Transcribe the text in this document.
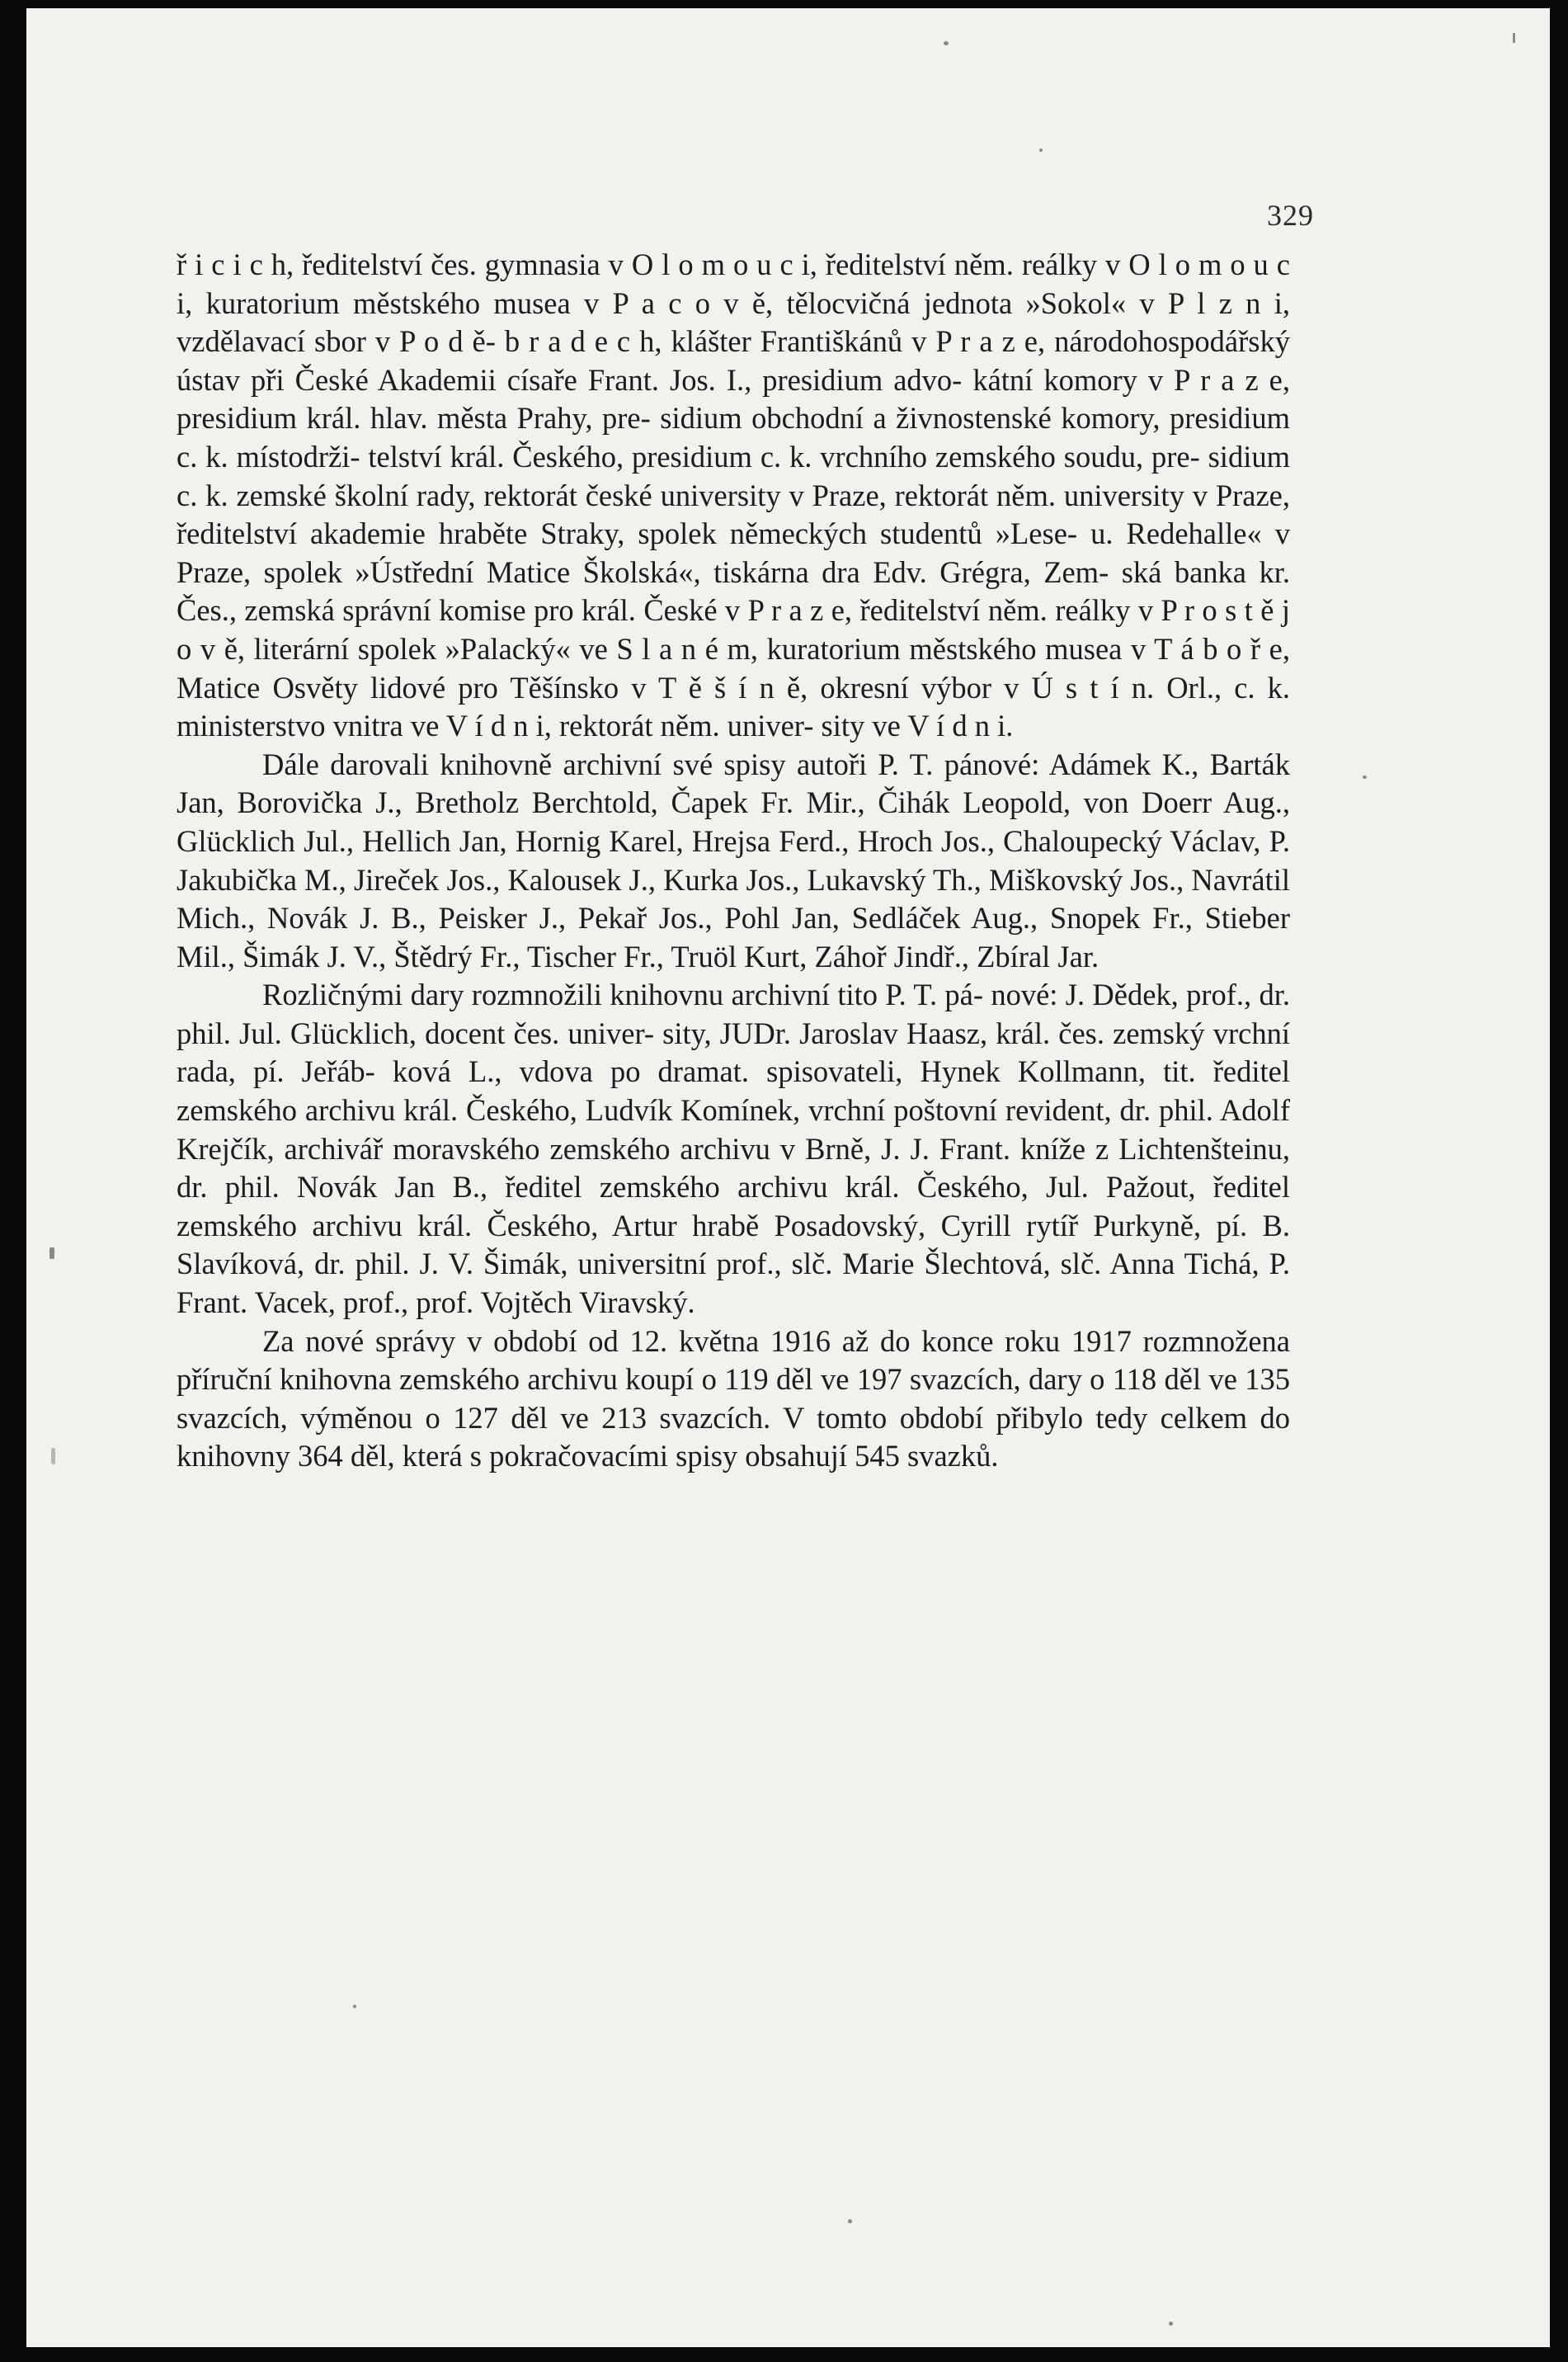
329

ř i c i c h, ředitelství čes. gymnasia v O l o m o u c i, ředitelství něm. reálky v O l o m o u c i, kuratorium městského musea v P a c o v ě, tělocvičná jednota »Sokol« v P l z n i, vzdělavací sbor v P o d ě- b r a d e c h, klášter Františkánů v P r a z e, národohospodářský ústav při České Akademii císaře Frant. Jos. I., presidium advo- kátní komory v P r a z e, presidium král. hlav. města Prahy, pre- sidium obchodní a živnostenské komory, presidium c. k. místodrži- telství král. Českého, presidium c. k. vrchního zemského soudu, pre- sidium c. k. zemské školní rady, rektorát české university v Praze, rektorát něm. university v Praze, ředitelství akademie hraběte Straky, spolek německých studentů »Lese- u. Redehalle« v Praze, spolek »Ústřední Matice Školská«, tiskárna dra Edv. Grégra, Zem- ská banka kr. Čes., zemská správní komise pro král. České v P r a z e, ředitelství něm. reálky v P r o s t ě j o v ě, literární spolek »Palacký« ve S l a n é m, kuratorium městského musea v T á b o ř e, Matice Osvěty lidové pro Těšínsko v T ě š í n ě, okresní výbor v Ú s t í n. Orl., c. k. ministerstvo vnitra ve V í d n i, rektorát něm. univer- sity ve V í d n i.

Dále darovali knihovně archivní své spisy autoři P. T. pánové: Adámek K., Barták Jan, Borovička J., Bretholz Berchtold, Čapek Fr. Mir., Čihák Leopold, von Doerr Aug., Glücklich Jul., Hellich Jan, Hornig Karel, Hrejsa Ferd., Hroch Jos., Chaloupecký Václav, P. Jakubička M., Jireček Jos., Kalousek J., Kurka Jos., Lukavský Th., Miškovský Jos., Navrátil Mich., Novák J. B., Peisker J., Pekař Jos., Pohl Jan, Sedláček Aug., Snopek Fr., Stieber Mil., Šimák J. V., Štědrý Fr., Tischer Fr., Truöl Kurt, Záhoř Jindř., Zbíral Jar.

Rozličnými dary rozmnožili knihovnu archivní tito P. T. pá- nové: J. Dědek, prof., dr. phil. Jul. Glücklich, docent čes. univer- sity, JUDr. Jaroslav Haasz, král. čes. zemský vrchní rada, pí. Jeřáb- ková L., vdova po dramat. spisovateli, Hynek Kollmann, tit. ředitel zemského archivu král. Českého, Ludvík Komínek, vrchní poštovní revident, dr. phil. Adolf Krejčík, archivář moravského zemského archivu v Brně, J. J. Frant. kníže z Lichtenšteinu, dr. phil. Novák Jan B., ředitel zemského archivu král. Českého, Jul. Pažout, ředitel zemského archivu král. Českého, Artur hrabě Posadovský, Cyrill rytíř Purkyně, pí. B. Slavíková, dr. phil. J. V. Šimák, universitní prof., slč. Marie Šlechtová, slč. Anna Tichá, P. Frant. Vacek, prof., prof. Vojtěch Viravský.

Za nové správy v období od 12. května 1916 až do konce roku 1917 rozmnožena příruční knihovna zemského archivu koupí o 119 děl ve 197 svazcích, dary o 118 děl ve 135 svazcích, výměnou o 127 děl ve 213 svazcích. V tomto období přibylo tedy celkem do knihovny 364 děl, která s pokračovacími spisy obsahují 545 svazků.
